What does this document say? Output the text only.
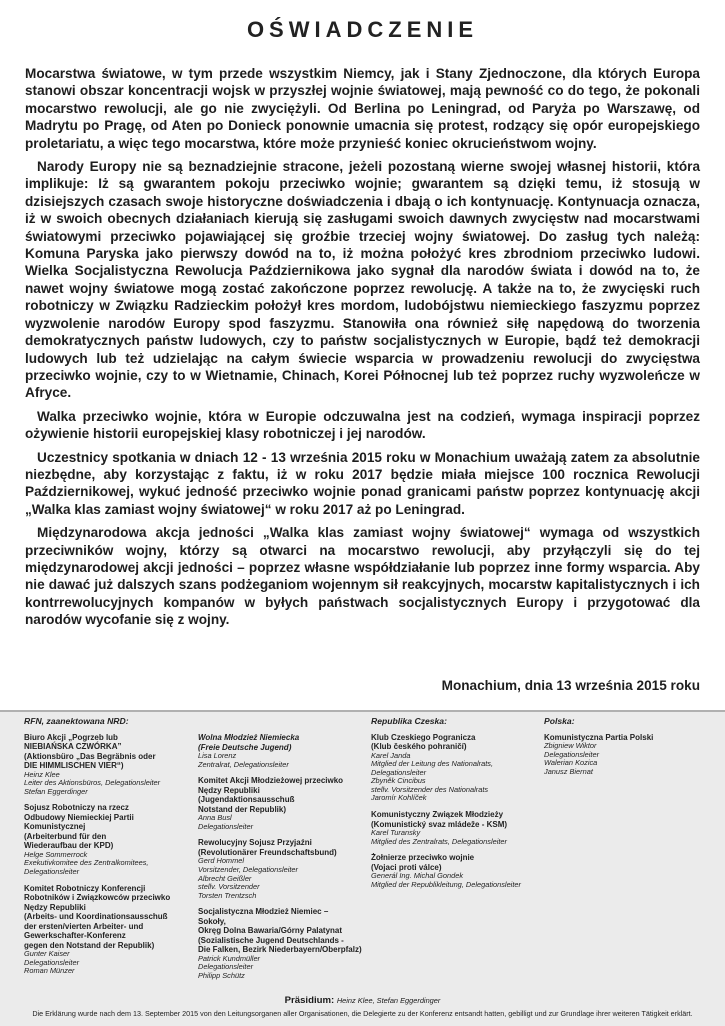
OŚWIADCZENIE

Mocarstwa światowe, w tym przede wszystkim Niemcy, jak i Stany Zjednoczone, dla których Europa stanowi obszar koncentracji wojsk w przyszłej wojnie światowej, mają pewność co do tego, że pokonali mocarstwo rewolucji, ale go nie zwyciężyli. Od Berlina po Leningrad, od Paryża po Warszawę, od Madrytu po Pragę, od Aten po Donieck ponownie umacnia się protest, rodzący się opór europejskiego proletariatu, a więc tego mocarstwa, które może przynieść koniec okrucieństwom wojny.

Narody Europy nie są beznadziejnie stracone, jeżeli pozostaną wierne swojej własnej historii, która implikuje: Iż są gwarantem pokoju przeciwko wojnie; gwarantem są dzięki temu, iż stosują w dzisiejszych czasach swoje historyczne doświadczenia i dbają o ich kontynuację. Kontynuacja oznacza, iż w swoich obecnych działaniach kierują się zasługami swoich dawnych zwycięstw nad mocarstwami światowymi przeciwko pojawiającej się groźbie trzeciej wojny światowej. Do zasług tych należą: Komuna Paryska jako pierwszy dowód na to, iż można położyć kres zbrodniom przeciwko ludowi. Wielka Socjalistyczna Rewolucja Październikowa jako sygnał dla narodów świata i dowód na to, że nawet wojny światowe mogą zostać zakończone poprzez rewolucję. A także na to, że zwycięski ruch robotniczy w Związku Radzieckim położył kres mordom, ludobójstwu niemieckiego faszyzmu poprzez wyzwolenie narodów Europy spod faszyzmu. Stanowiła ona również siłę napędową do tworzenia demokratycznych państw ludowych, czy to państw socjalistycznych w Europie, bądź też demokracji ludowych lub też udzielając na całym świecie wsparcia w prowadzeniu rewolucji do zwycięstwa przeciwko wojnie, czy to w Wietnamie, Chinach, Korei Północnej lub też poprzez ruchy wyzwoleńcze w Afryce.

Walka przeciwko wojnie, która w Europie odczuwalna jest na codzień, wymaga inspiracji poprzez ożywienie historii europejskiej klasy robotniczej i jej narodów.

Uczestnicy spotkania w dniach 12 - 13 września 2015 roku w Monachium uważają zatem za absolutnie niezbędne, aby korzystając z faktu, iż w roku 2017 będzie miała miejsce 100 rocznica Rewolucji Październikowej, wykuć jedność przeciwko wojnie ponad granicami państw poprzez kontynuację akcji „Walka klas zamiast wojny światowej“ w roku 2017 aż po Leningrad.

Międzynarodowa akcja jedności „Walka klas zamiast wojny światowej“ wymaga od wszystkich przeciwników wojny, którzy są otwarci na mocarstwo rewolucji, aby przyłączyli się do tej międzynarodowej akcji jedności – poprzez własne współdziałanie lub poprzez inne formy wsparcia. Aby nie dawać już dalszych szans podżeganiom wojennym sił reakcyjnych, mocarstw kapitalistycznych i ich kontrrewolucyjnych kompanów w byłych państwach socjalistycznych Europy i przygotować dla narodów wycofanie się z wojny.

Monachium, dnia 13 września 2015 roku
RFN, zaanektowana NRD:
Biuro Akcji „Pogrzeb lub
NIEBIAŃSKA CZWÓRKA”
(Aktionsbüro „Das Begräbnis oder
DIE HIMMLISCHEN VIER“)
Heinz Klee
Leiter des Aktionsbüros, Delegationsleiter
Stefan Eggerdinger
Sojusz Robotniczy na rzecz
Odbudowy Niemieckiej Partii
Komunistycznej
(Arbeiterbund für den
Wiederaufbau der KPD)
Helge Sommerrock
Exekutivkomitee des Zentralkomitees,
Delegationsleiter
Komitet Robotniczy Konferencji
Robotników i Związkowców przeciwko
Nędzy Republiki
(Arbeits- und Koordinationsausschuß
der ersten/vierten Arbeiter- und
Gewerkschafter-Konferenz
gegen den Notstand der Republik)
Gunter Kaiser
Delegationsleiter
Roman Münzer
Wolna Młodzież Niemiecka
(Freie Deutsche Jugend)
Lisa Lorenz
Zentralrat, Delegationsleiter
Komitet Akcji Młodzieżowej przeciwko
Nędzy Republiki
(Jugendaktionsausschuß
Notstand der Republik)
Anna Busl
Delegationsleiter
Rewolucyjny Sojusz Przyjaźni
(Revolutionärer Freundschaftsbund)
Gerd Hommel
Vorsitzender, Delegationsleiter
Albrecht Geißler
stellv. Vorsitzender
Torsten Trentzsch
Socjalistyczna Młodzież Niemiec –
Sokoły,
Okręg Dolna Bawaria/Górny Palatynat
(Sozialistische Jugend Deutschlands -
Die Falken, Bezirk Niederbayern/Oberpfalz)
Patrick Kundmüller
Delegationsleiter
Philipp Schütz
Republika Czeska:
Klub Czeskiego Pogranicza
(Klub českého pohraničí)
Karel Janda
Mitglied der Leitung des Nationalrats,
Delegationsleiter
Zbyněk Cincibus
stellv. Vorsitzender des Nationalrats
Jaromír Kohlíček
Komunistyczny Związek Młodzieży
(Komunistický svaz mládeže - KSM)
Karel Turansky
Mitglied des Zentralrats, Delegationsleiter
Żołnierze przeciwko wojnie
(Vojaci proti válce)
Generál Ing. Michal Gondek
Mitglied der Republikleitung, Delegationsleiter
Polska:
Komunistyczna Partia Polski
Zbigniew Wiktor
Delegationsleiter
Walerian Kozica
Janusz Biernat
Präsidium: Heinz Klee, Stefan Eggerdinger
Die Erklärung wurde nach dem 13. September 2015 von den Leitungsorganen aller Organisationen, die Delegierte zu der Konferenz entsandt hatten, gebilligt und zur Grundlage ihrer weiteren Tätigkeit erklärt.
